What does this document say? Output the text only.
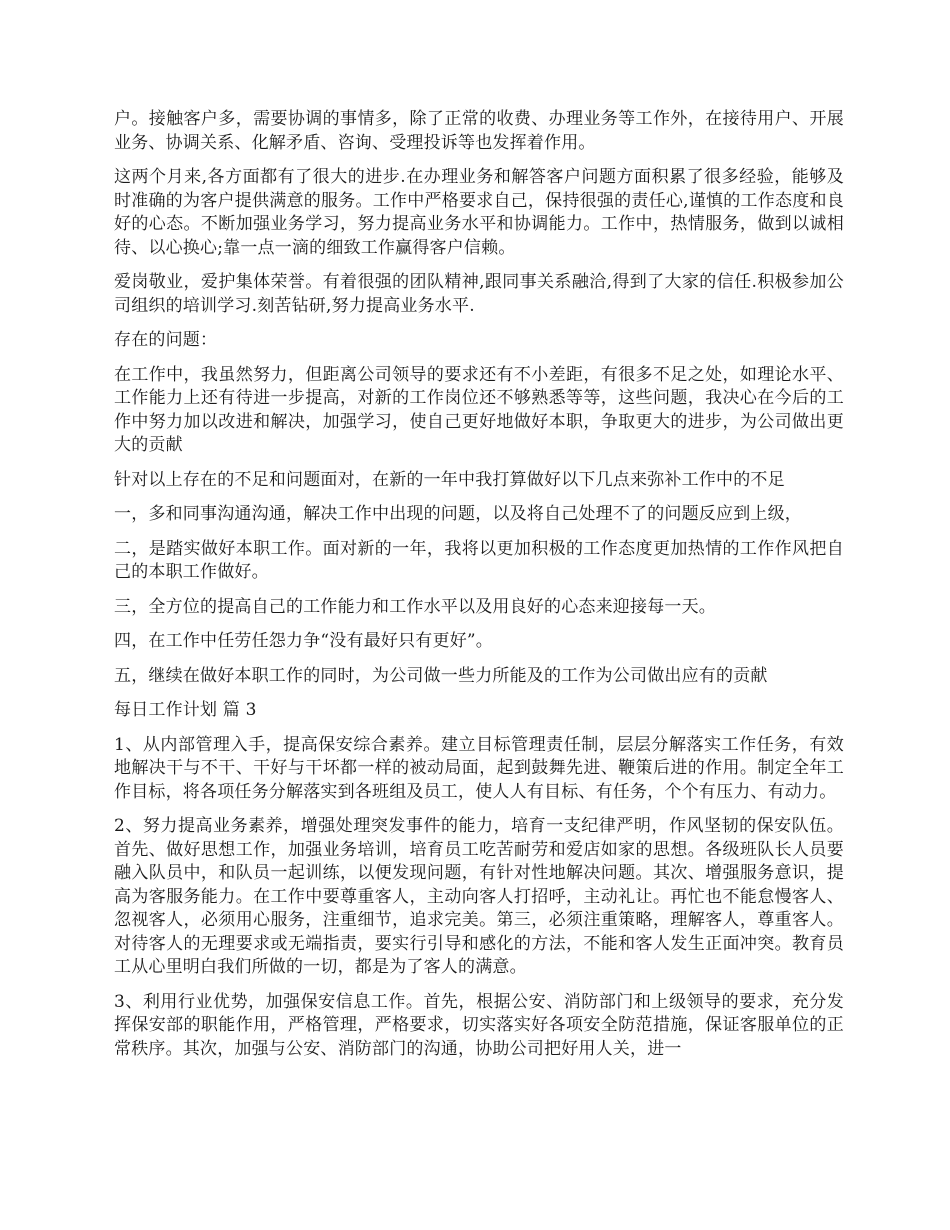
户。接触客户多，需要协调的事情多，除了正常的收费、办理业务等工作外，在接待用户、开展业务、协调关系、化解矛盾、咨询、受理投诉等也发挥着作用。

这两个月来,各方面都有了很大的进步.在办理业务和解答客户问题方面积累了很多经验，能够及时准确的为客户提供满意的服务。工作中严格要求自己，保持很强的责任心,谨慎的工作态度和良好的心态。不断加强业务学习，努力提高业务水平和协调能力。工作中，热情服务，做到以诚相待、以心换心;靠一点一滴的细致工作赢得客户信赖。

爱岗敬业，爱护集体荣誉。有着很强的团队精神,跟同事关系融洽,得到了大家的信任.积极参加公司组织的培训学习.刻苦钻研,努力提高业务水平.

存在的问题：

在工作中，我虽然努力，但距离公司领导的要求还有不小差距，有很多不足之处，如理论水平、工作能力上还有待进一步提高，对新的工作岗位还不够熟悉等等，这些问题，我决心在今后的工作中努力加以改进和解决，加强学习，使自己更好地做好本职，争取更大的进步，为公司做出更大的贡献

针对以上存在的不足和问题面对，在新的一年中我打算做好以下几点来弥补工作中的不足

一，多和同事沟通沟通，解决工作中出现的问题，以及将自己处理不了的问题反应到上级，

二，是踏实做好本职工作。面对新的一年，我将以更加积极的工作态度更加热情的工作作风把自己的本职工作做好。

三，全方位的提高自己的工作能力和工作水平以及用良好的心态来迎接每一天。

四，在工作中任劳任怨力争“没有最好只有更好”。

五，继续在做好本职工作的同时，为公司做一些力所能及的工作为公司做出应有的贡献

每日工作计划 篇 3

1、从内部管理入手，提高保安综合素养。建立目标管理责任制，层层分解落实工作任务，有效地解决干与不干、干好与干坏都一样的被动局面，起到鼓舞先进、鞭策后进的作用。制定全年工作目标，将各项任务分解落实到各班组及员工，使人人有目标、有任务，个个有压力、有动力。

2、努力提高业务素养，增强处理突发事件的能力，培育一支纪律严明，作风坚韧的保安队伍。首先、做好思想工作，加强业务培训，培育员工吃苦耐劳和爱店如家的思想。各级班队长人员要融入队员中，和队员一起训练，以便发现问题，有针对性地解决问题。其次、增强服务意识，提高为客服务能力。在工作中要尊重客人，主动向客人打招呼，主动礼让。再忙也不能怠慢客人、忽视客人，必须用心服务，注重细节，追求完美。第三，必须注重策略，理解客人，尊重客人。对待客人的无理要求或无端指责，要实行引导和感化的方法，不能和客人发生正面冲突。教育员工从心里明白我们所做的一切，都是为了客人的满意。

3、利用行业优势，加强保安信息工作。首先，根据公安、消防部门和上级领导的要求，充分发挥保安部的职能作用，严格管理，严格要求，切实落实好各项安全防范措施，保证客服单位的正常秩序。其次，加强与公安、消防部门的沟通，协助公司把好用人关，进一
